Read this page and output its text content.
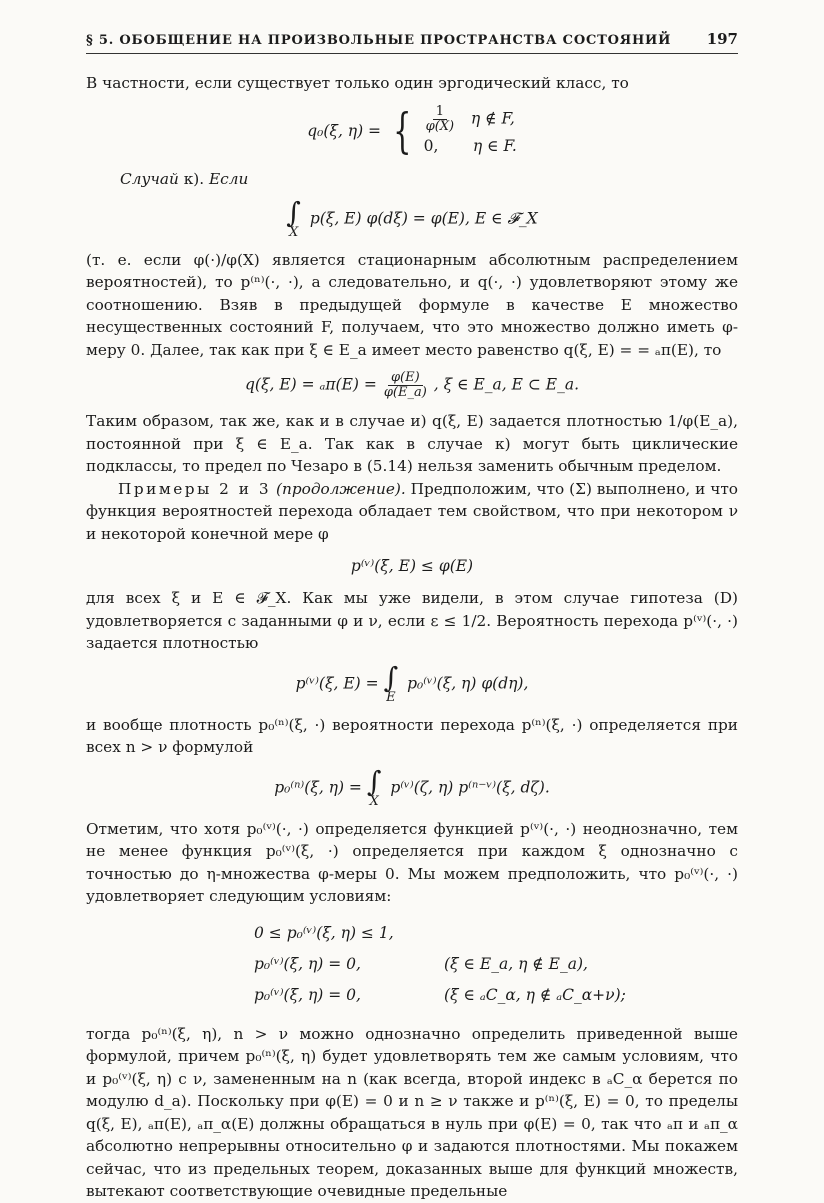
§ 5. ОБОБЩЕНИЕ НА ПРОИЗВОЛЬНЫЕ ПРОСТРАНСТВА СОСТОЯНИЙ 197

В частности, если существует только один эргодический класс, то

q₀(ξ, η) = { $\frac{1}{\varphi(X)}$ η ∉ F,
0, η ∈ F.
Случай к). Если
∫
X
p(ξ, E) φ(dξ) = φ(E), E ∈ 𝓕_X

(т. е. если φ(·)/φ(X) является стационарным абсолютным распределением вероятностей), то p⁽ⁿ⁾(·, ·), а следовательно, и q(·, ·) удовлетворяют этому же соотношению. Взяв в предыдущей формуле в качестве E множество несущественных состояний F, получаем, что это множество должно иметь φ-меру 0. Далее, так как при ξ ∈ E_a имеет место равенство q(ξ, E) = = ₐπ(E), то

q(ξ, $E) = _a\pi(E) = \frac{\varphi(E)}{\varphi(E\_a)}$ , ξ ∈ E_a, E ⊂ E_a.

Таким образом, так же, как и в случае и) q(ξ, E) задается плотностью 1/φ(E_a), постоянной при ξ ∈ E_a. Так как в случае к) могут быть циклические подклассы, то предел по Чезаро в (5.14) нельзя заменить обычным пределом.

Примеры 2 и 3 (продолжение). Предположим, что (Σ) выполнено, и что функция вероятностей перехода обладает тем свойством, что при некотором ν и некоторой конечной мере φ

p⁽ᵛ⁾(ξ, E) ≤ φ(E)

для всех ξ и E ∈ 𝓕_X. Как мы уже видели, в этом случае гипотеза (D) удовлетворяется с заданными φ и ν, если ε ≤ 1/2. Вероятность перехода p⁽ᵛ⁾(·, ·) задается плотностью

p⁽ᵛ⁾(ξ, E) = ∫
E
p₀⁽ᵛ⁾(ξ, η) φ(dη),

и вообще плотность p₀⁽ⁿ⁾(ξ, ·) вероятности перехода p⁽ⁿ⁾(ξ, ·) определяется при всех n > ν формулой

p₀⁽ⁿ⁾(ξ, η) = ∫
X
p⁽ᵛ⁾(ζ, η) p⁽ⁿ⁻ᵛ⁾(ξ, dζ).

Отметим, что хотя p₀⁽ᵛ⁾(·, ·) определяется функцией p⁽ᵛ⁾(·, ·) неоднозначно, тем не менее функция p₀⁽ᵛ⁾(ξ, ·) определяется при каждом ξ однозначно с точностью до η-множества φ-меры 0. Мы можем предположить, что p₀⁽ᵛ⁾(·, ·) удовлетворяет следующим условиям:

0 ≤ p₀⁽ᵛ⁾(ξ, η) ≤ 1,
p₀⁽ᵛ⁾(ξ, η) = 0,	(ξ ∈ E_a, η ∉ E_a),
p₀⁽ᵛ⁾(ξ, η) = 0,	(ξ ∈ ₐC_α, η ∉ ₐC_α+ν);

тогда p₀⁽ⁿ⁾(ξ, η), n > ν можно однозначно определить приведенной выше формулой, причем p₀⁽ⁿ⁾(ξ, η) будет удовлетворять тем же самым условиям, что и p₀⁽ᵛ⁾(ξ, η) с ν, замененным на n (как всегда, второй индекс в ₐC_α берется по модулю d_a). Поскольку при φ(E) = 0 и n ≥ ν также и p⁽ⁿ⁾(ξ, E) = 0, то пределы q(ξ, E), ₐπ(E), ₐπ_α(E) должны обращаться в нуль при φ(E) = 0, так что ₐπ и ₐπ_α абсолютно непрерывны относительно φ и задаются плотностями. Мы покажем сейчас, что из предельных теорем, доказанных выше для функций множеств, вытекают соответствующие очевидные предельные
